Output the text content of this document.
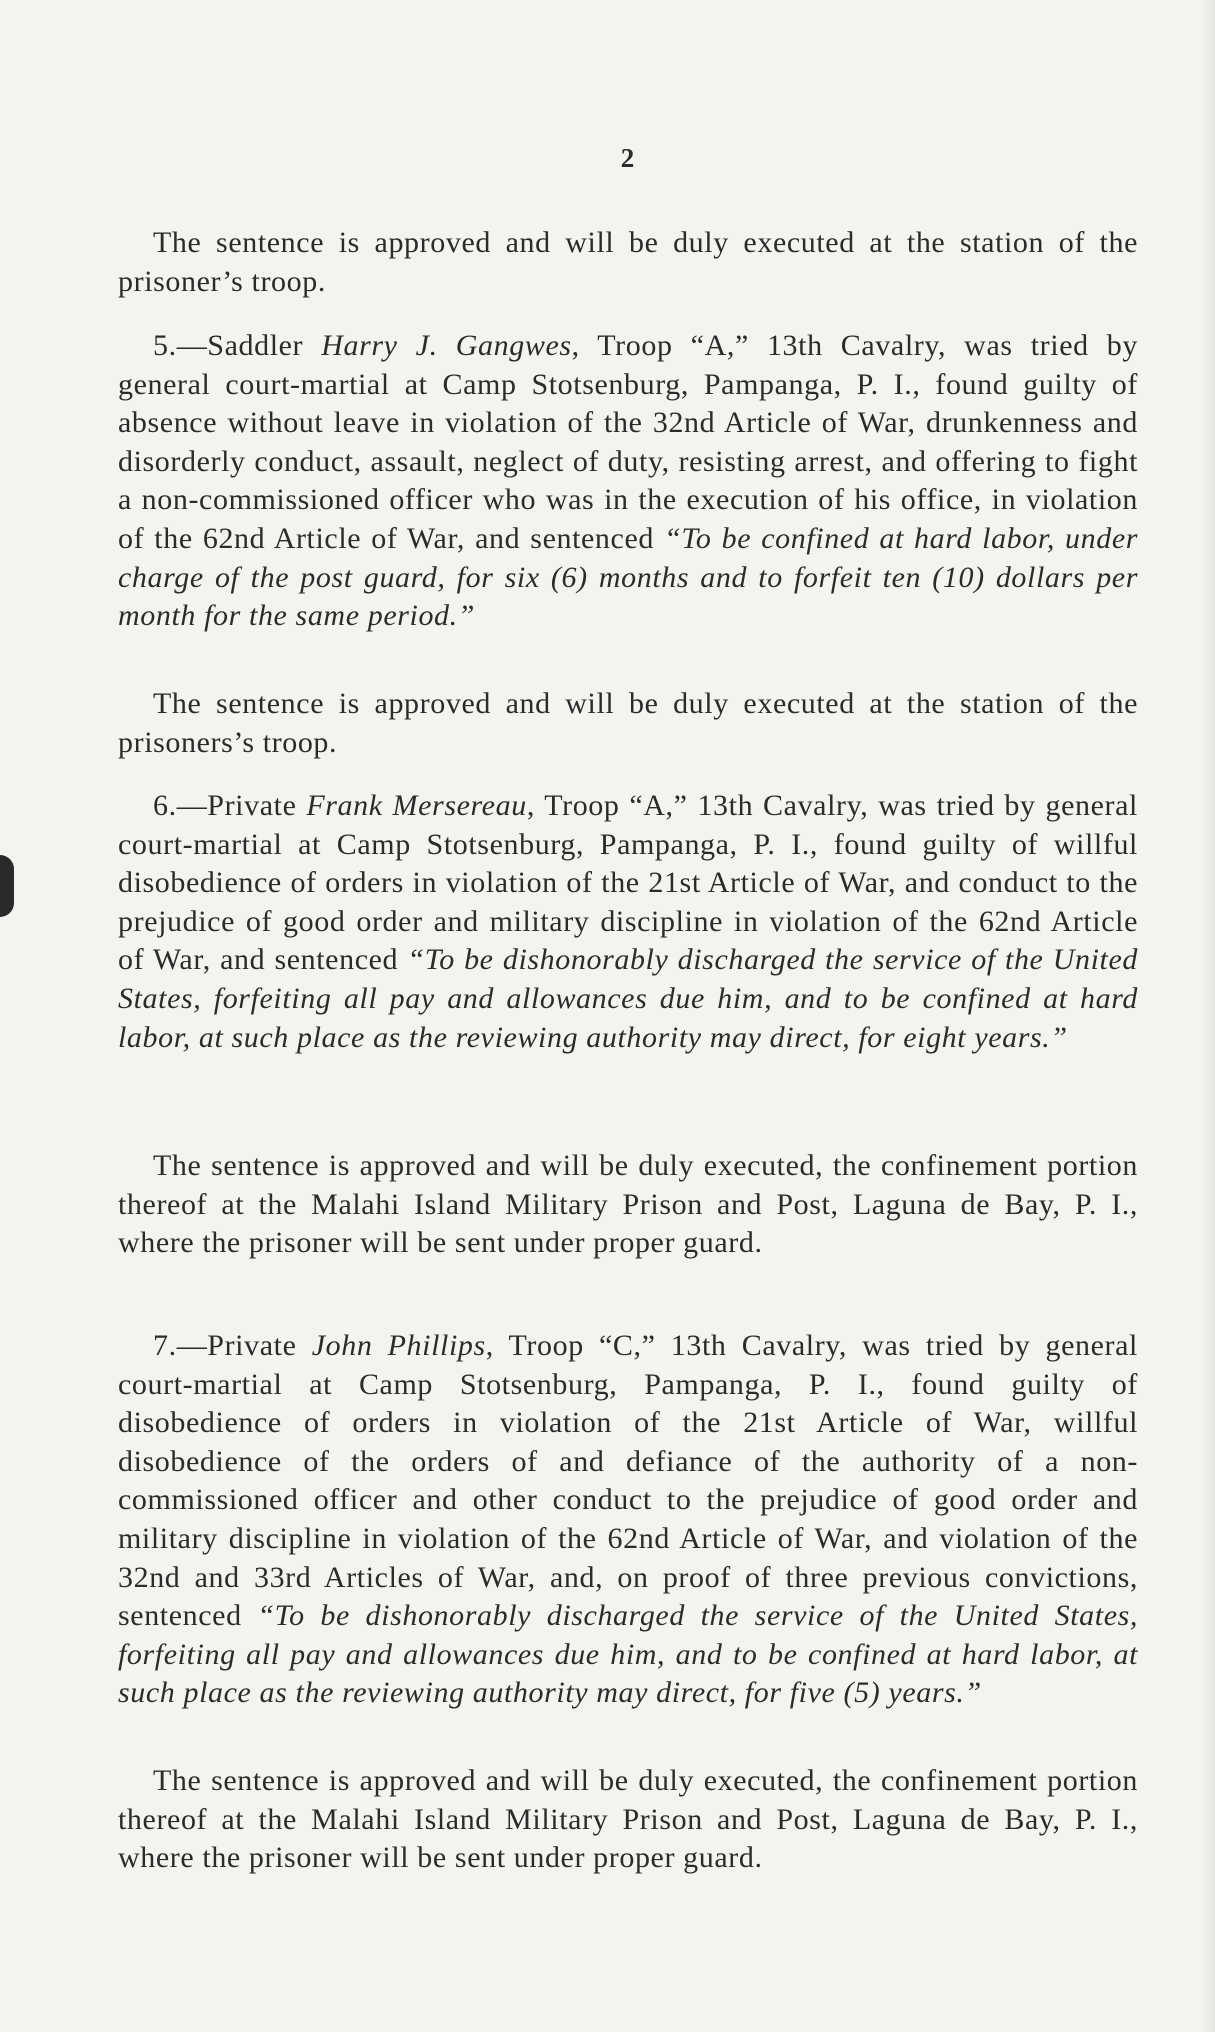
2

The sentence is approved and will be duly executed at the station of the prisoner’s troop.

5.—Saddler Harry J. Gangwes, Troop “A,” 13th Cavalry, was tried by general court-martial at Camp Stotsenburg, Pampanga, P. I., found guilty of absence without leave in violation of the 32nd Article of War, drunkenness and disorderly conduct, assault, neglect of duty, resisting arrest, and offering to fight a non-commissioned officer who was in the execution of his office, in violation of the 62nd Article of War, and sentenced “To be confined at hard labor, under charge of the post guard, for six (6) months and to forfeit ten (10) dollars per month for the same period.”

The sentence is approved and will be duly executed at the station of the prisoners’s troop.

6.—Private Frank Mersereau, Troop “A,” 13th Cavalry, was tried by general court-martial at Camp Stotsenburg, Pampanga, P. I., found guilty of willful disobedience of orders in violation of the 21st Article of War, and conduct to the prejudice of good order and military discipline in violation of the 62nd Article of War, and sentenced “To be dishonorably discharged the service of the United States, forfeiting all pay and allowances due him, and to be confined at hard labor, at such place as the reviewing authority may direct, for eight years.”

The sentence is approved and will be duly executed, the confinement portion thereof at the Malahi Island Military Prison and Post, Laguna de Bay, P. I., where the prisoner will be sent under proper guard.

7.—Private John Phillips, Troop “C,” 13th Cavalry, was tried by general court-martial at Camp Stotsenburg, Pampanga, P. I., found guilty of disobedience of orders in violation of the 21st Article of War, willful disobedience of the orders of and defiance of the authority of a non-commissioned officer and other conduct to the prejudice of good order and military discipline in violation of the 62nd Article of War, and violation of the 32nd and 33rd Articles of War, and, on proof of three previous convictions, sentenced “To be dishonorably discharged the service of the United States, forfeiting all pay and allowances due him, and to be confined at hard labor, at such place as the reviewing authority may direct, for five (5) years.”

The sentence is approved and will be duly executed, the confinement portion thereof at the Malahi Island Military Prison and Post, Laguna de Bay, P. I., where the prisoner will be sent under proper guard.
